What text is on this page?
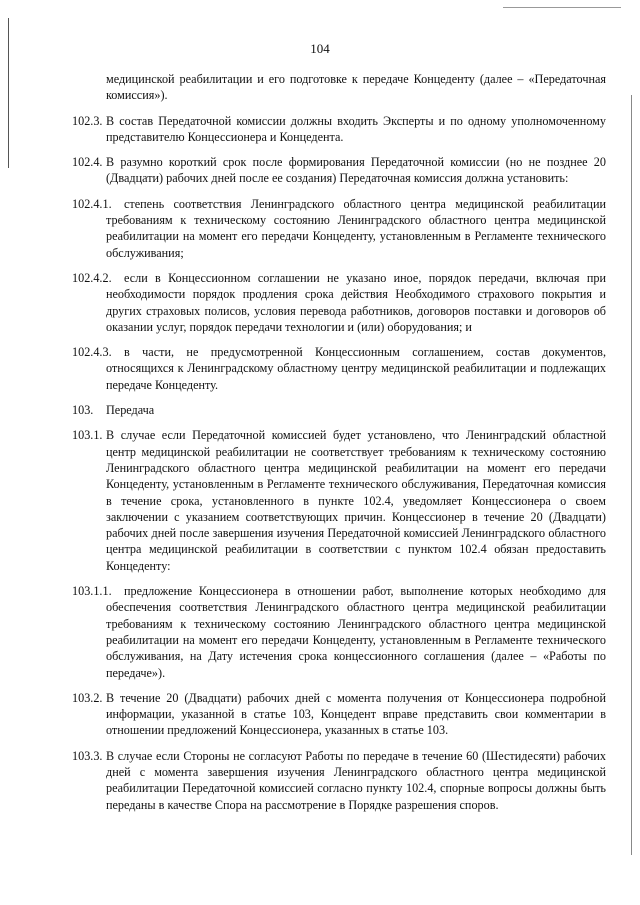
104

медицинской реабилитации и его подготовке к передаче Концеденту (далее – «Передаточная комиссия»).

102.3. В состав Передаточной комиссии должны входить Эксперты и по одному уполномоченному представителю Концессионера и Концедента.

102.4. В разумно короткий срок после формирования Передаточной комиссии (но не позднее 20 (Двадцати) рабочих дней после ее создания) Передаточная комиссия должна установить:

102.4.1. степень соответствия Ленинградского областного центра медицинской реабилитации требованиям к техническому состоянию Ленинградского областного центра медицинской реабилитации на момент его передачи Концеденту, установленным в Регламенте технического обслуживания;

102.4.2. если в Концессионном соглашении не указано иное, порядок передачи, включая при необходимости порядок продления срока действия Необходимого страхового покрытия и других страховых полисов, условия перевода работников, договоров поставки и договоров об оказании услуг, порядок передачи технологии и (или) оборудования; и

102.4.3. в части, не предусмотренной Концессионным соглашением, состав документов, относящихся к Ленинградскому областному центру медицинской реабилитации и подлежащих передаче Концеденту.

103. Передача

103.1. В случае если Передаточной комиссией будет установлено, что Ленинградский областной центр медицинской реабилитации не соответствует требованиям к техническому состоянию Ленинградского областного центра медицинской реабилитации на момент его передачи Концеденту, установленным в Регламенте технического обслуживания, Передаточная комиссия в течение срока, установленного в пункте 102.4, уведомляет Концессионера о своем заключении с указанием соответствующих причин. Концессионер в течение 20 (Двадцати) рабочих дней после завершения изучения Передаточной комиссией Ленинградского областного центра медицинской реабилитации в соответствии с пунктом 102.4 обязан предоставить Концеденту:

103.1.1. предложение Концессионера в отношении работ, выполнение которых необходимо для обеспечения соответствия Ленинградского областного центра медицинской реабилитации требованиям к техническому состоянию Ленинградского областного центра медицинской реабилитации на момент его передачи Концеденту, установленным в Регламенте технического обслуживания, на Дату истечения срока концессионного соглашения (далее – «Работы по передаче»).

103.2. В течение 20 (Двадцати) рабочих дней с момента получения от Концессионера подробной информации, указанной в статье 103, Концедент вправе представить свои комментарии в отношении предложений Концессионера, указанных в статье 103.

103.3. В случае если Стороны не согласуют Работы по передаче в течение 60 (Шестидесяти) рабочих дней с момента завершения изучения Ленинградского областного центра медицинской реабилитации Передаточной комиссией согласно пункту 102.4, спорные вопросы должны быть переданы в качестве Спора на рассмотрение в Порядке разрешения споров.
